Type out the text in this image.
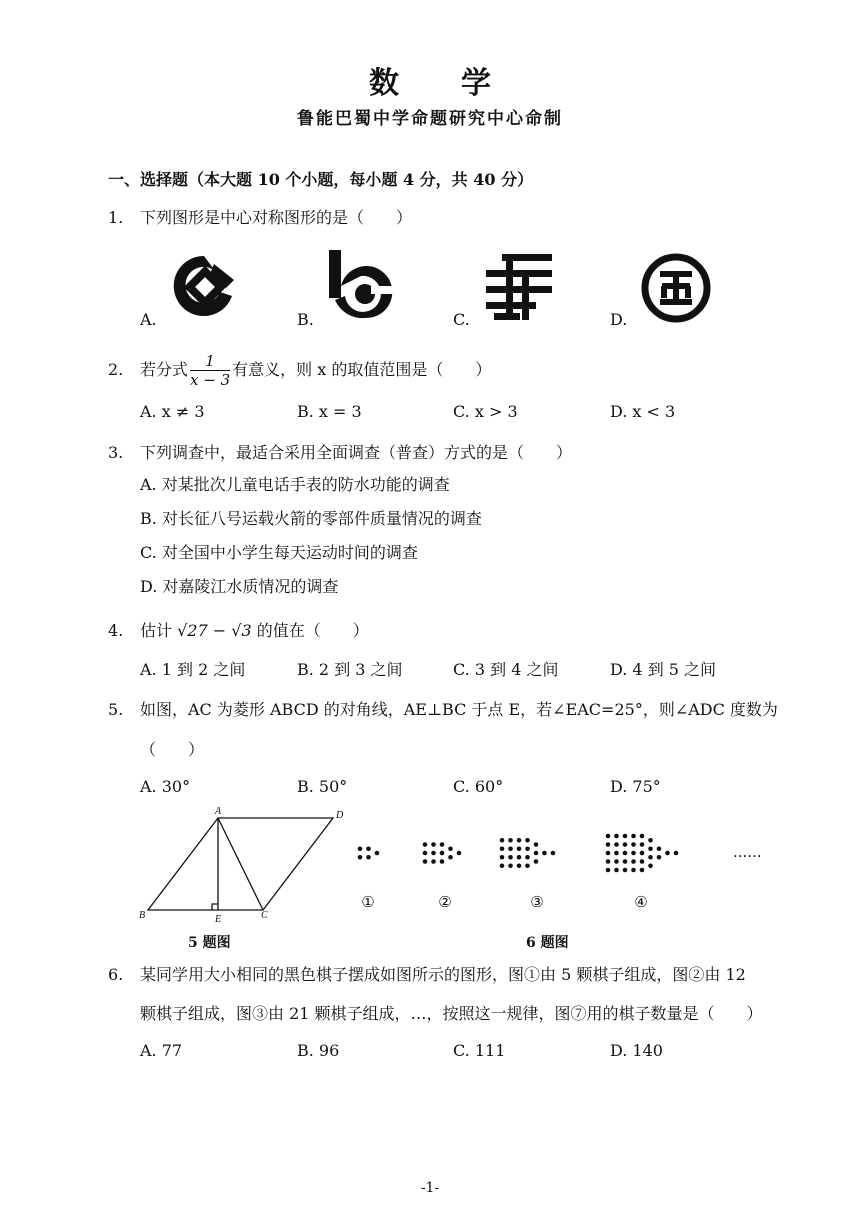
数学
鲁能巴蜀中学命题研究中心命制
一、选择题（本大题 10 个小题，每小题 4 分，共 40 分）
1. 下列图形是中心对称图形的是（　　）
A.	B.	C.	D.
2. 若分式 $\frac{1}{x - 3}$ 有意义，则 x 的取值范围是（　　）
A. x ≠ 3	B. x = 3	C. x > 3	D. x < 3
3. 下列调查中，最适合采用全面调查（普查）方式的是（　　）
A. 对某批次儿童电话手表的防水功能的调查
B. 对长征八号运载火箭的零部件质量情况的调查
C. 对全国中小学生每天运动时间的调查
D. 对嘉陵江水质情况的调查
4. 估计 √27 − √3 的值在（　　）
A. 1 到 2 之间	B. 2 到 3 之间	C. 3 到 4 之间	D. 4 到 5 之间
5. 如图，AC 为菱形 ABCD 的对角线，AE⊥BC 于点 E，若∠EAC=25°，则∠ADC 度数为
（　　）
A. 30°	B. 50°	C. 60°	D. 75°
A	D
B	E	C
5 题图
①	②	③	④
......
6 题图
6. 某同学用大小相同的黑色棋子摆成如图所示的图形，图①由 5 颗棋子组成，图②由 12
颗棋子组成，图③由 21 颗棋子组成，…，按照这一规律，图⑦用的棋子数量是（　　）
A. 77	B. 96	C. 111	D. 140
-1-
